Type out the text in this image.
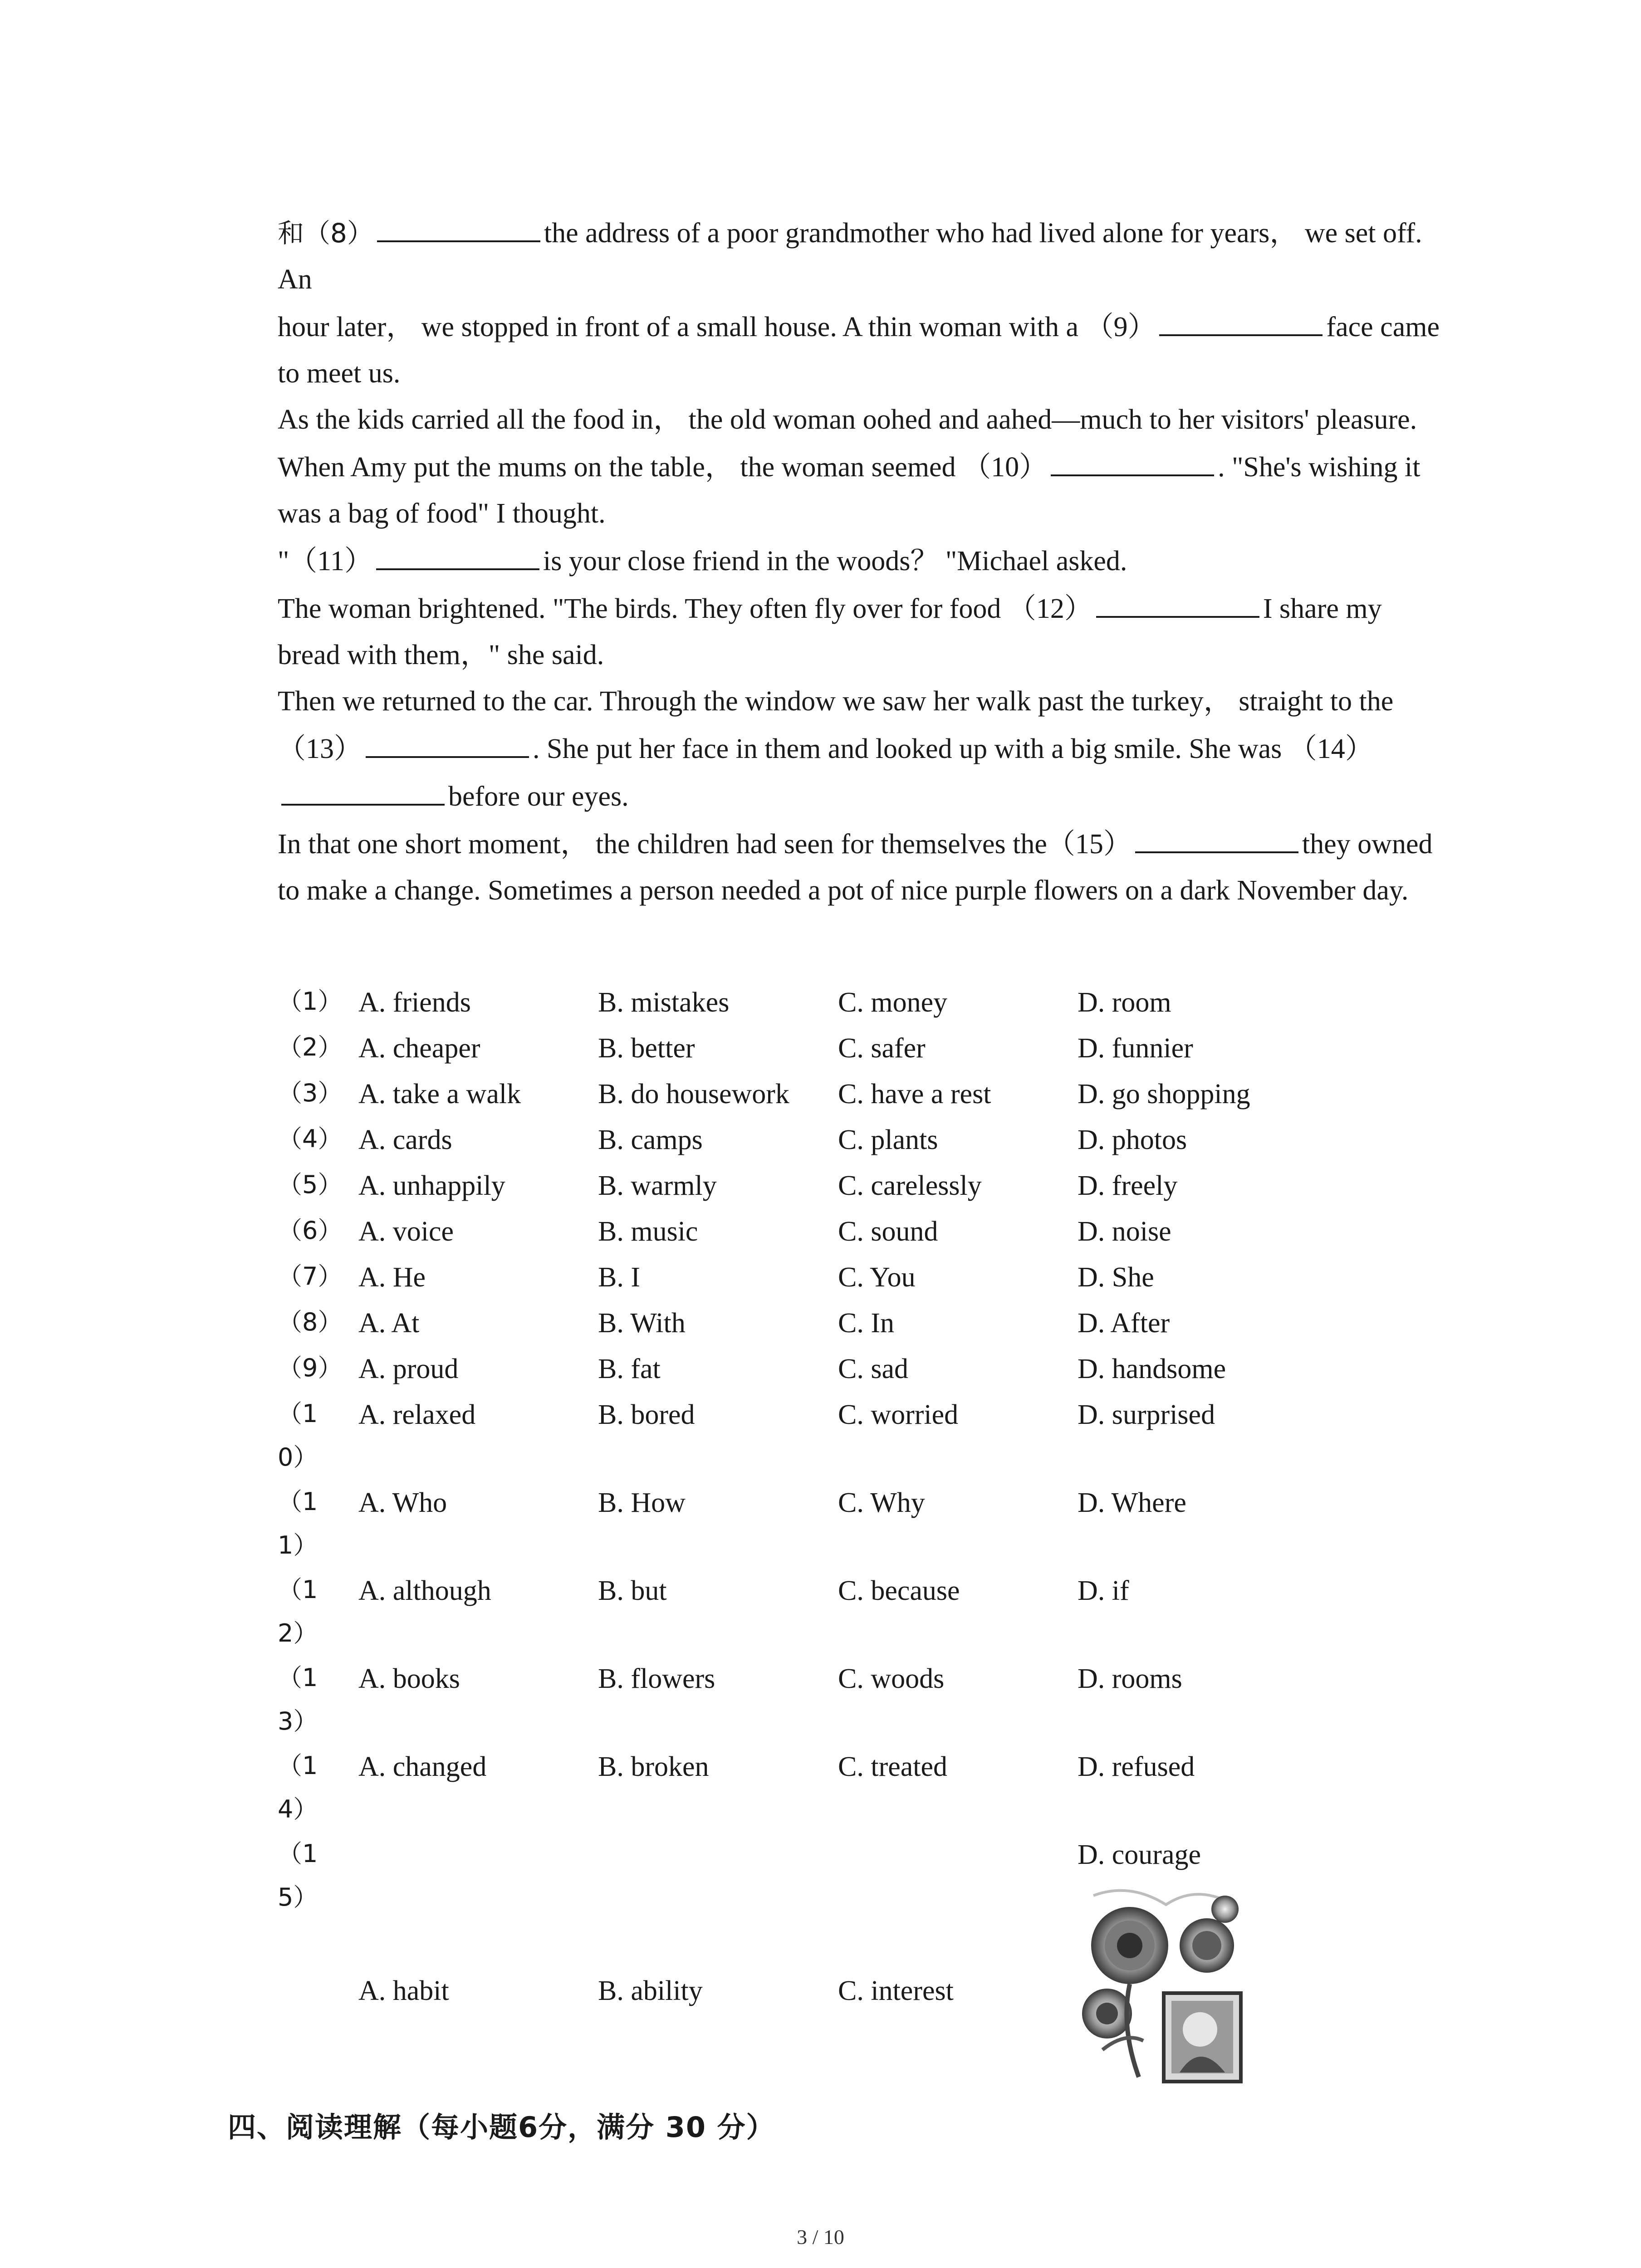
和（8）	the address of a poor grandmother who had lived alone for years， we set off. An

hour later， we stopped in front of a small house. A thin woman with a （9）	face came to meet us.

As the kids carried all the food in， the old woman oohed and aahed—much to her visitors' pleasure. When Amy put the mums on the table， the woman seemed （10）	. "She's wishing it was a bag of food" I thought.

"（11）	is your close friend in the woods？ "Michael asked.

The woman brightened. "The birds. They often fly over for food （12）	I share my bread with them，" she said.

Then we returned to the car. Through the window we saw her walk past the turkey， straight to the （13）	. She put her face in them and looked up with a big smile. She was （14）before our eyes.

In that one short moment， the children had seen for themselves the（15）	they owned to make a change. Sometimes a person needed a pot of nice purple flowers on a dark November day.

（1） A. friends	B. mistakes	C. money	D. room
（2） A. cheaper	B. better	C. safer	D. funnier
（3） A. take a walk	B. do housework C. have a rest	D. go shopping
（4） A. cards	B. camps	C. plants	D. photos
（5） A. unhappily	B. warmly	C. carelessly	D. freely
（6） A. voice	B. music	C. sound	D. noise
（7） A. He	B. I	C. You	D. She
（8） A. At	B. With	C. In	D. After
（9） A. proud	B. fat	C. sad	D. handsome
（10）
A. relaxed	B. bored	C. worried	D. surprised
（11）
A. Who	B. How	C. Why	D. Where
（12）
A. although	B. but	C. because	D. if
（13）
A. books	B. flowers	C. woods	D. rooms
（14）
A. changed	B. broken	C. treated	D. refused
（15）
A. habit	B. ability	C. interest
D. courage
四、阅读理解（每小题6分，满分 30 分）
3 / 10
